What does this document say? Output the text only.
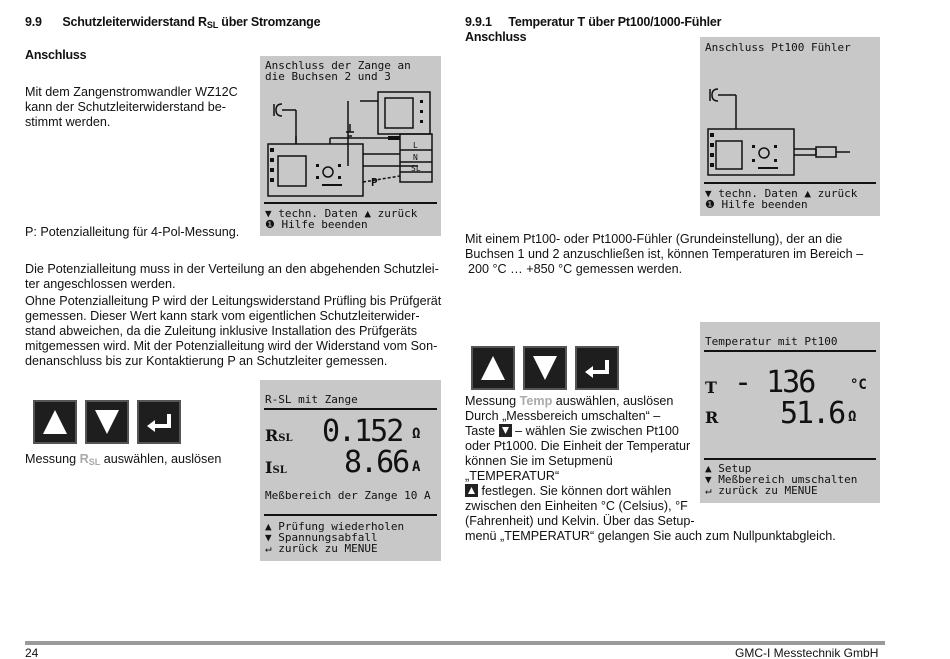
9.9 Schutzleiterwiderstand $R_{SL}$ über Stromzange
Anschluss
Mit dem Zangenstromwandler WZ12C
kann der Schutzleiterwiderstand be-
stimmt werden.
Anschluss der Zange an
die Buchsen 2 und 3
P
L
N
SL
▼ techn. Daten ▲ zurück
❶ Hilfe beenden
P: Potenzialleitung für 4-Pol-Messung.
Die Potenzialleitung muss in der Verteilung an den abgehenden Schutzlei-
ter angeschlossen werden.
Ohne Potenzialleitung P wird der Leitungswiderstand Prüfling bis Prüfgerät
gemessen. Dieser Wert kann stark vom eigentlichen Schutzleiterwider-
stand abweichen, da die Zuleitung inklusive Installation des Prüfgeräts
mitgemessen wird. Mit der Potenzialleitung wird der Widerstand vom Son-
denanschluss bis zur Kontaktierung P an Schutzleiter gemessen.
Messung $R_{SL}$ auswählen, auslösen
R-SL mit Zange
RSL 0.152 Ω
ISL 8.66 A
Meßbereich der Zange 10 A
▲ Prüfung wiederholen
▼ Spannungsabfall
↵ zurück zu MENUE
9.9.1 Temperatur T über Pt100/1000-Fühler
Anschluss
Anschluss Pt100 Fühler
▼ techn. Daten ▲ zurück
❶ Hilfe beenden
Mit einem Pt100- oder Pt1000-Fühler (Grundeinstellung), der an die
Buchsen 1 und 2 anzuschließen ist, können Temperaturen im Bereich –
200 °C … +850 °C gemessen werden.
Messung Temp auswählen, auslösen
Durch „Messbereich umschalten“ –
Taste  – wählen Sie zwischen Pt100
oder Pt1000. Die Einheit der Temperatur
können Sie im Setupmenü „TEMPERATUR“
festlegen. Sie können dort wählen
zwischen den Einheiten °C (Celsius), °F
(Fahrenheit) und Kelvin. Über das Setup-
menü „TEMPERATUR“ gelangen Sie auch zum Nullpunktabgleich.
Temperatur mit Pt100
T - 136	°C
R 51.6 Ω
▲ Setup
▼ Meßbereich umschalten
↵ zurück zu MENUE
24	GMC-I Messtechnik GmbH
